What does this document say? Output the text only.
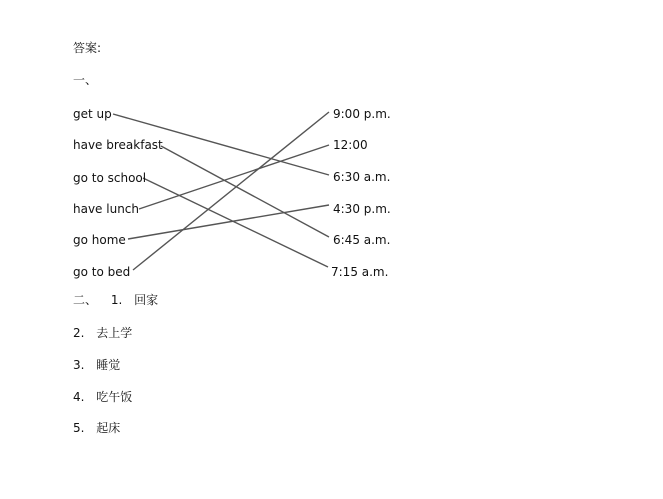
答案:
一、
get up
have breakfast
go to school
have lunch
go home
go to bed
9:00 p.m.
12:00
6:30 a.m.
4:30 p.m.
6:45 a.m.
7:15 a.m.
二、 1. 回家
2. 去上学
3. 睡觉
4. 吃午饭
5. 起床
